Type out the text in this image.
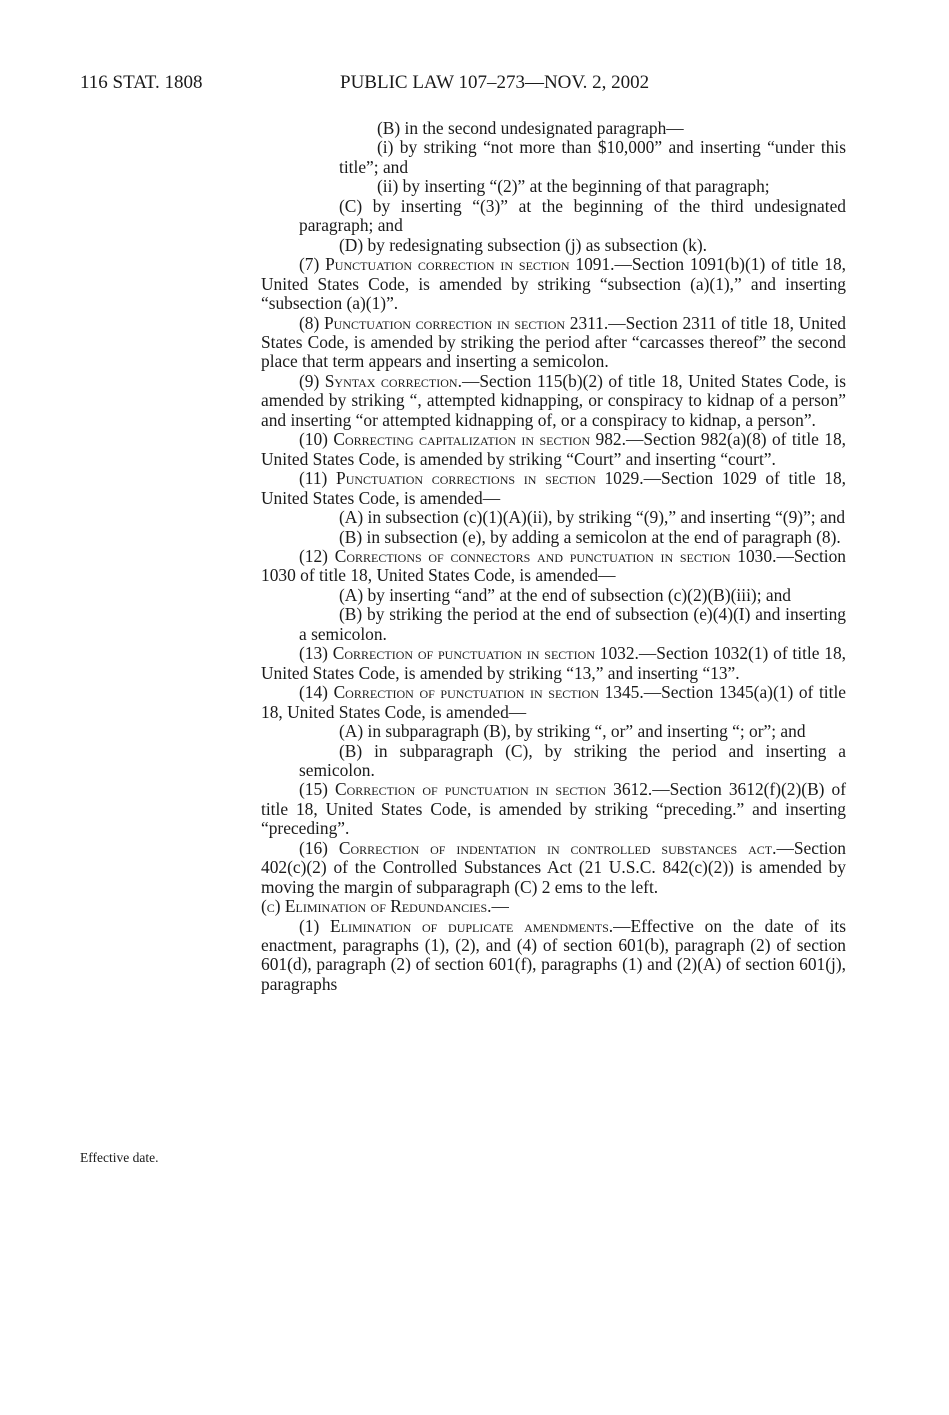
116 STAT. 1808	PUBLIC LAW 107–273—NOV. 2, 2002
Effective date.

(B) in the second undesignated paragraph—

(i) by striking “not more than $10,000” and inserting “under this title”; and

(ii) by inserting “(2)” at the beginning of that paragraph;

(C) by inserting “(3)” at the beginning of the third undesignated paragraph; and

(D) by redesignating subsection (j) as subsection (k).

(7) Punctuation correction in section 1091.—Section 1091(b)(1) of title 18, United States Code, is amended by striking “subsection (a)(1),” and inserting “subsection (a)(1)”.

(8) Punctuation correction in section 2311.—Section 2311 of title 18, United States Code, is amended by striking the period after “carcasses thereof” the second place that term appears and inserting a semicolon.

(9) Syntax correction.—Section 115(b)(2) of title 18, United States Code, is amended by striking “, attempted kidnapping, or conspiracy to kidnap of a person” and inserting “or attempted kidnapping of, or a conspiracy to kidnap, a person”.

(10) Correcting capitalization in section 982.—Section 982(a)(8) of title 18, United States Code, is amended by striking “Court” and inserting “court”.

(11) Punctuation corrections in section 1029.—Section 1029 of title 18, United States Code, is amended—

(A) in subsection (c)(1)(A)(ii), by striking “(9),” and inserting “(9)”; and

(B) in subsection (e), by adding a semicolon at the end of paragraph (8).

(12) Corrections of connectors and punctuation in section 1030.—Section 1030 of title 18, United States Code, is amended—

(A) by inserting “and” at the end of subsection (c)(2)(B)(iii); and

(B) by striking the period at the end of subsection (e)(4)(I) and inserting a semicolon.

(13) Correction of punctuation in section 1032.—Section 1032(1) of title 18, United States Code, is amended by striking “13,” and inserting “13”.

(14) Correction of punctuation in section 1345.—Section 1345(a)(1) of title 18, United States Code, is amended—

(A) in subparagraph (B), by striking “, or” and inserting “; or”; and

(B) in subparagraph (C), by striking the period and inserting a semicolon.

(15) Correction of punctuation in section 3612.—Section 3612(f)(2)(B) of title 18, United States Code, is amended by striking “preceding.” and inserting “preceding”.

(16) Correction of indentation in controlled substances act.—Section 402(c)(2) of the Controlled Substances Act (21 U.S.C. 842(c)(2)) is amended by moving the margin of subparagraph (C) 2 ems to the left.

(c) Elimination of Redundancies.—

(1) Elimination of duplicate amendments.—Effective on the date of its enactment, paragraphs (1), (2), and (4) of section 601(b), paragraph (2) of section 601(d), paragraph (2) of section 601(f), paragraphs (1) and (2)(A) of section 601(j), paragraphs
